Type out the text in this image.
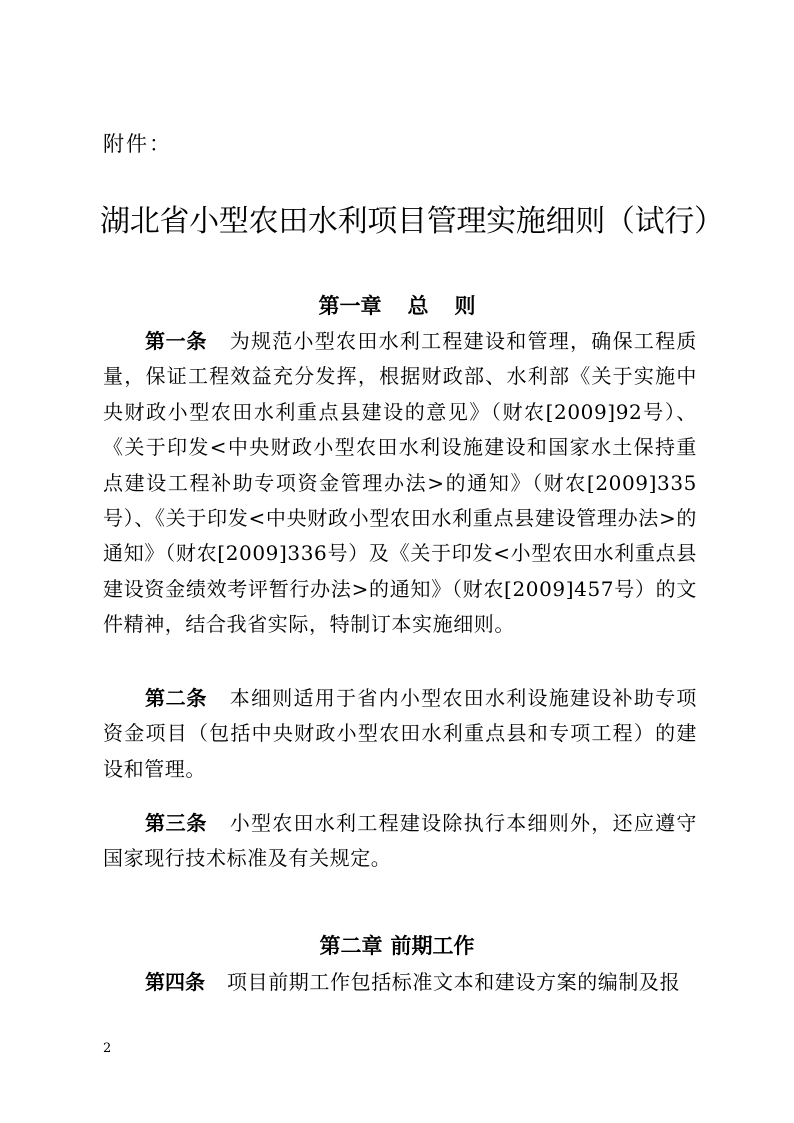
附件：
湖北省小型农田水利项目管理实施细则（试行）
第一章 总 则
第一条 为规范小型农田水利工程建设和管理，确保工程质量，保证工程效益充分发挥，根据财政部、水利部《关于实施中央财政小型农田水利重点县建设的意见》（财农[2009]92号）、《关于印发<中央财政小型农田水利设施建设和国家水土保持重点建设工程补助专项资金管理办法>的通知》（财农[2009]335号）、《关于印发<中央财政小型农田水利重点县建设管理办法>的通知》（财农[2009]336号）及《关于印发<小型农田水利重点县建设资金绩效考评暂行办法>的通知》（财农[2009]457号）的文件精神，结合我省实际，特制订本实施细则。
第二条 本细则适用于省内小型农田水利设施建设补助专项资金项目（包括中央财政小型农田水利重点县和专项工程）的建设和管理。
第三条 小型农田水利工程建设除执行本细则外，还应遵守国家现行技术标准及有关规定。
第二章 前期工作
第四条 项目前期工作包括标准文本和建设方案的编制及报
2
